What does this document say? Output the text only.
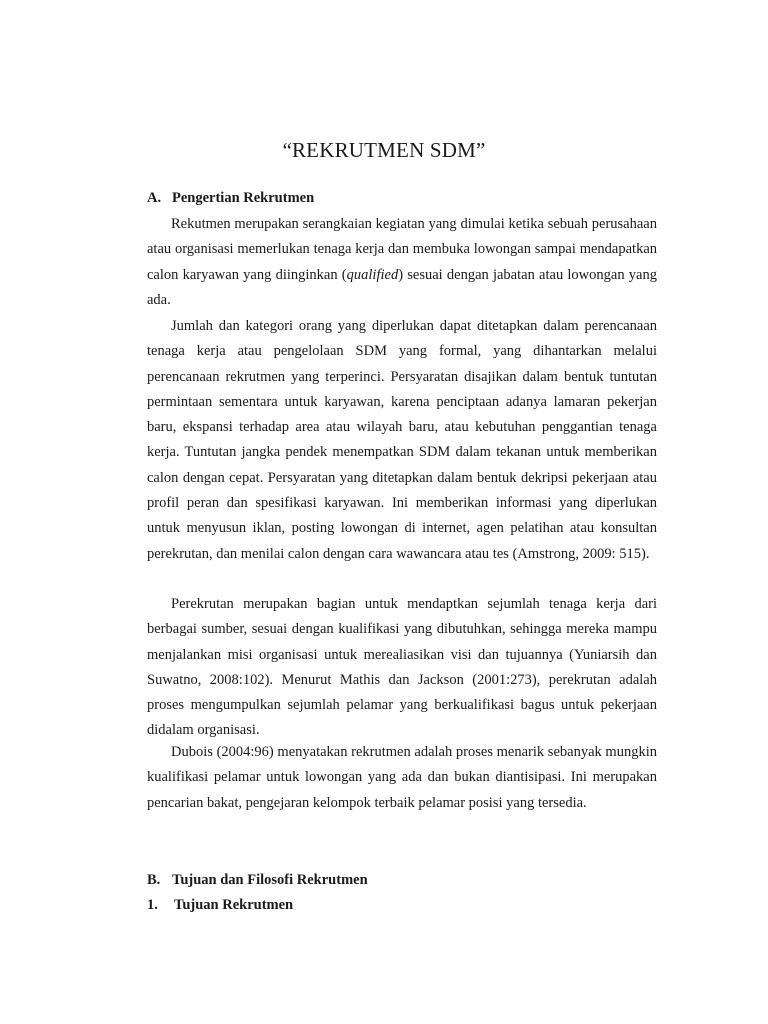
“REKRUTMEN SDM”
A. Pengertian Rekrutmen

Rekutmen merupakan serangkaian kegiatan yang dimulai ketika sebuah perusahaan atau organisasi memerlukan tenaga kerja dan membuka lowongan sampai mendapatkan calon karyawan yang diinginkan (qualified) sesuai dengan jabatan atau lowongan yang ada.

Jumlah dan kategori orang yang diperlukan dapat ditetapkan dalam perencanaan tenaga kerja atau pengelolaan SDM yang formal, yang dihantarkan melalui perencanaan rekrutmen yang terperinci. Persyaratan disajikan dalam bentuk tuntutan permintaan sementara untuk karyawan, karena penciptaan adanya lamaran pekerjan baru, ekspansi terhadap area atau wilayah baru, atau kebutuhan penggantian tenaga kerja. Tuntutan jangka pendek menempatkan SDM dalam tekanan untuk memberikan calon dengan cepat. Persyaratan yang ditetapkan dalam bentuk dekripsi pekerjaan atau profil peran dan spesifikasi karyawan. Ini memberikan informasi yang diperlukan untuk menyusun iklan, posting lowongan di internet, agen pelatihan atau konsultan perekrutan, dan menilai calon dengan cara wawancara atau tes (Amstrong, 2009: 515).

Perekrutan merupakan bagian untuk mendaptkan sejumlah tenaga kerja dari berbagai sumber, sesuai dengan kualifikasi yang dibutuhkan, sehingga mereka mampu menjalankan misi organisasi untuk merealiasikan visi dan tujuannya (Yuniarsih dan Suwatno, 2008:102). Menurut Mathis dan Jackson (2001:273), perekrutan adalah proses mengumpulkan sejumlah pelamar yang berkualifikasi bagus untuk pekerjaan didalam organisasi.

Dubois (2004:96) menyatakan rekrutmen adalah proses menarik sebanyak mungkin kualifikasi pelamar untuk lowongan yang ada dan bukan diantisipasi. Ini merupakan pencarian bakat, pengejaran kelompok terbaik pelamar posisi yang tersedia.

B. Tujuan dan Filosofi Rekrutmen
1. Tujuan Rekrutmen
